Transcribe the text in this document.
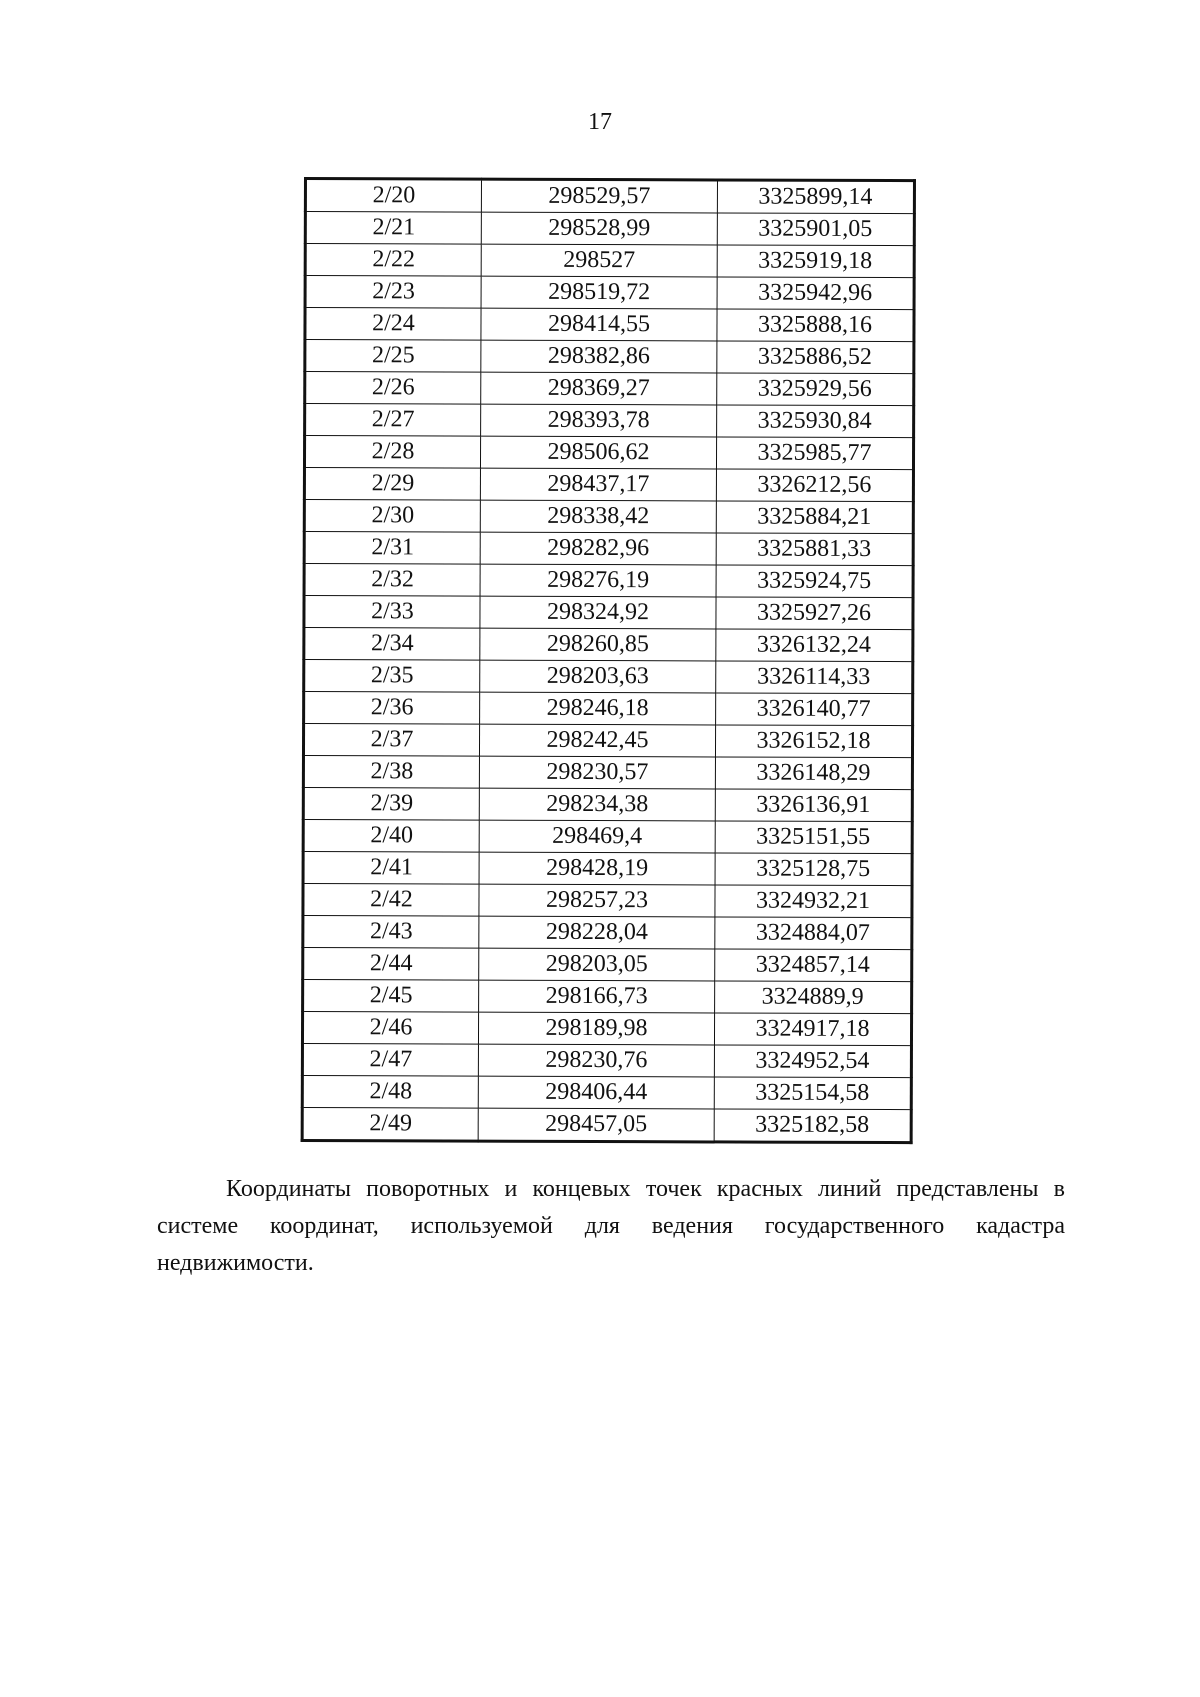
17
2/20	298529,57	3325899,14
2/21	298528,99	3325901,05
2/22	298527	3325919,18
2/23	298519,72	3325942,96
2/24	298414,55	3325888,16
2/25	298382,86	3325886,52
2/26	298369,27	3325929,56
2/27	298393,78	3325930,84
2/28	298506,62	3325985,77
2/29	298437,17	3326212,56
2/30	298338,42	3325884,21
2/31	298282,96	3325881,33
2/32	298276,19	3325924,75
2/33	298324,92	3325927,26
2/34	298260,85	3326132,24
2/35	298203,63	3326114,33
2/36	298246,18	3326140,77
2/37	298242,45	3326152,18
2/38	298230,57	3326148,29
2/39	298234,38	3326136,91
2/40	298469,4	3325151,55
2/41	298428,19	3325128,75
2/42	298257,23	3324932,21
2/43	298228,04	3324884,07
2/44	298203,05	3324857,14
2/45	298166,73	3324889,9
2/46	298189,98	3324917,18
2/47	298230,76	3324952,54
2/48	298406,44	3325154,58
2/49	298457,05	3325182,58

Координаты поворотных и концевых точек красных линий представлены в системе координат, используемой для ведения государственного кадастра недвижимости.
